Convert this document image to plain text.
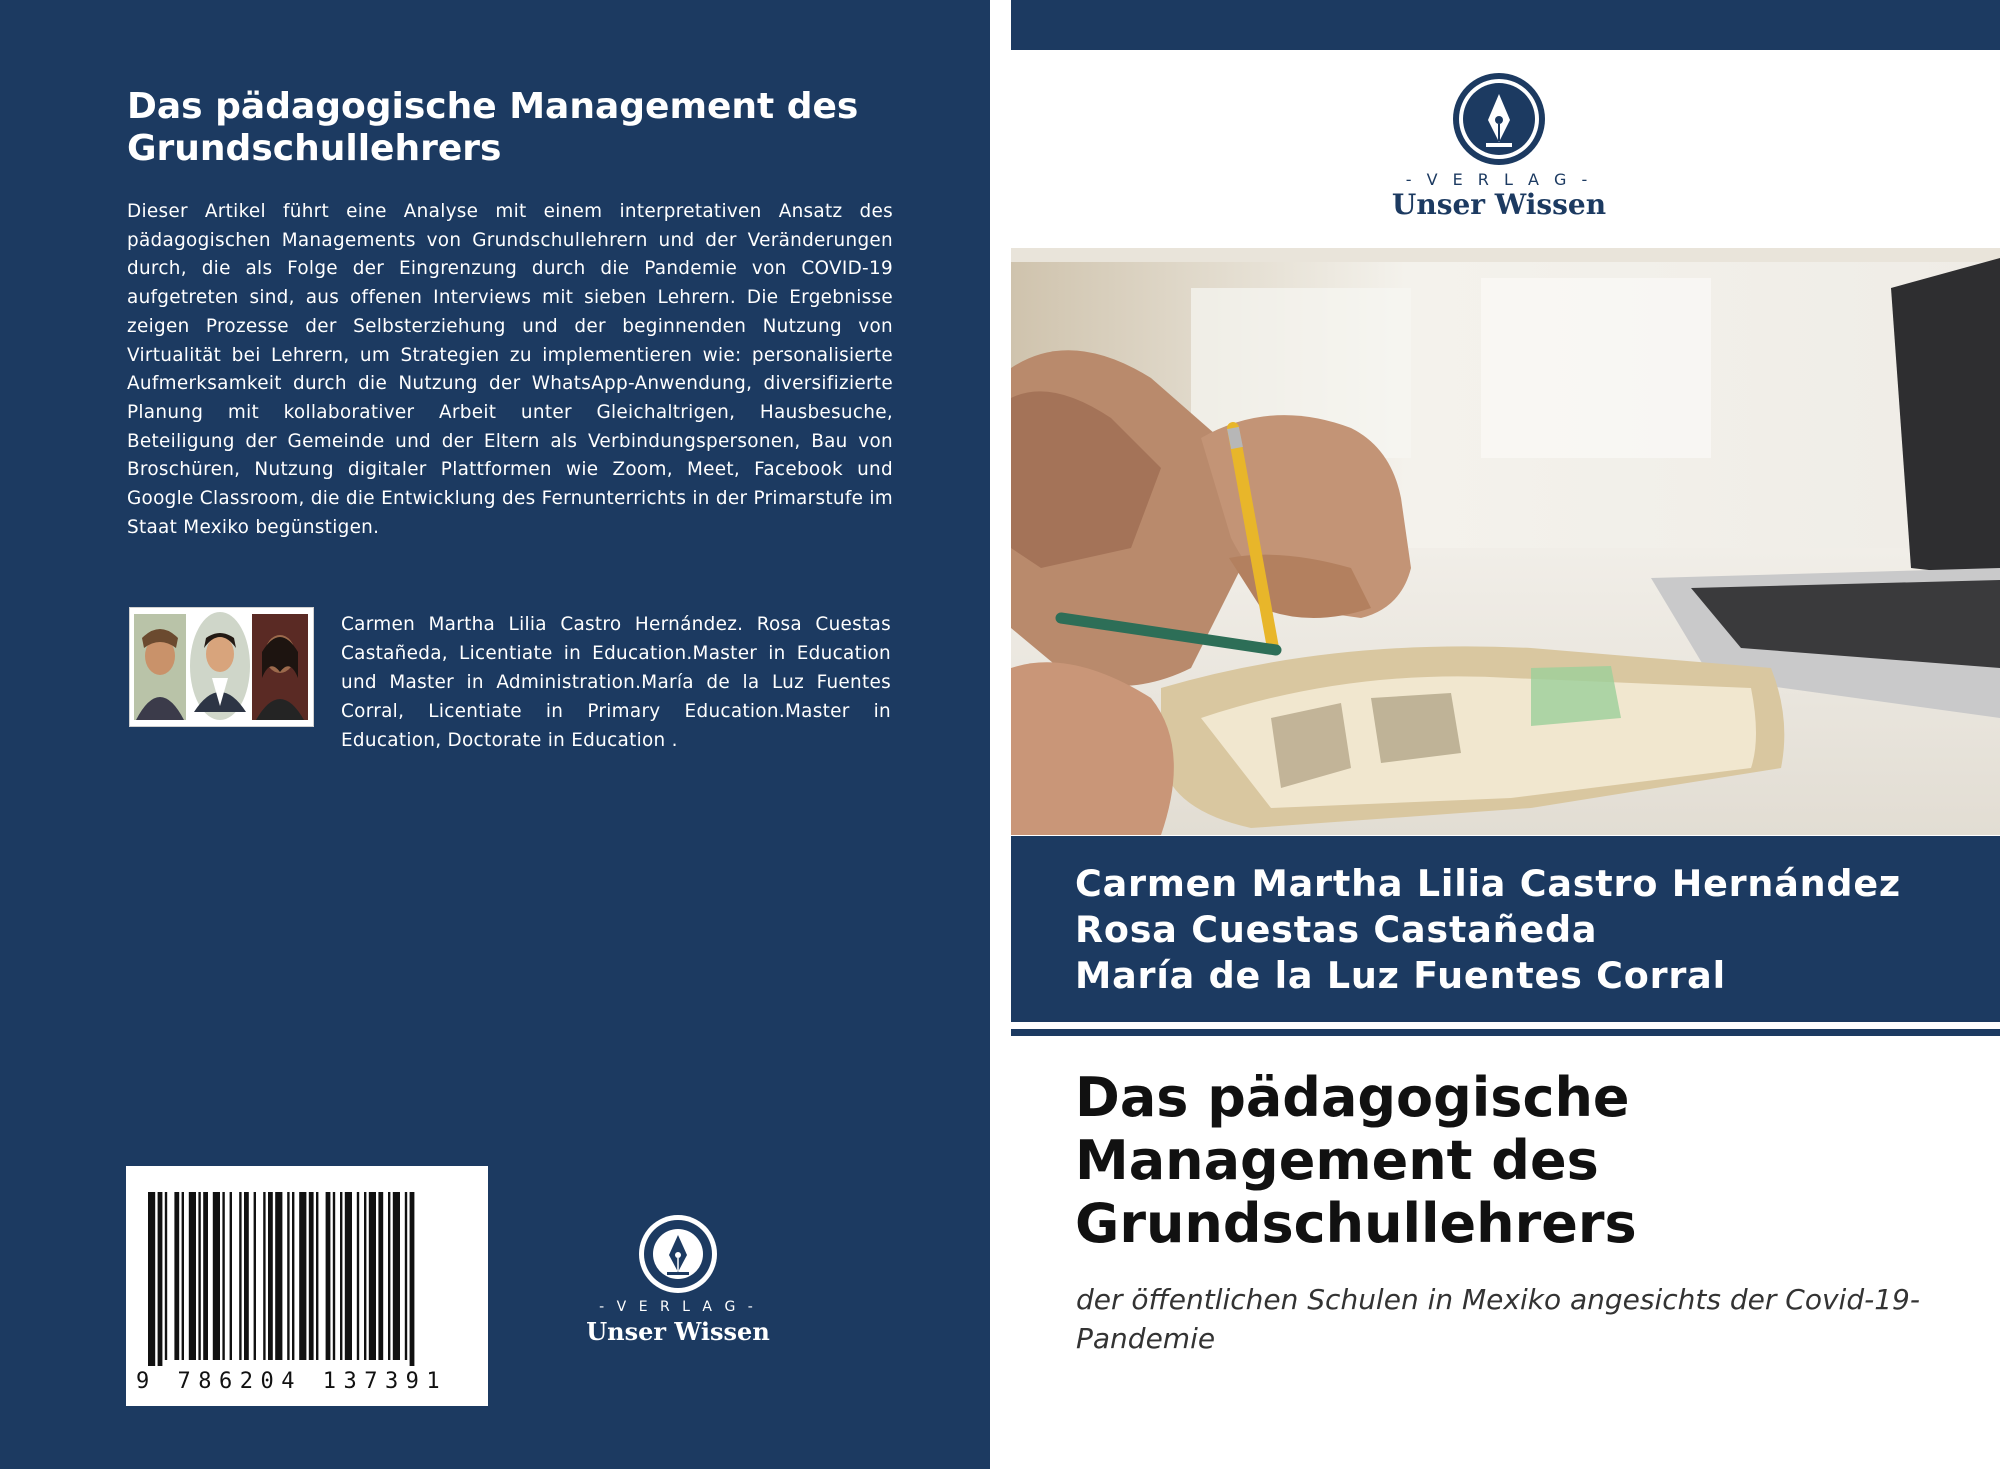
Das pädagogische Management des Grundschullehrers

Dieser Artikel führt eine Analyse mit einem interpretativen Ansatz des pädagogischen Managements von Grundschullehrern und der Veränderungen durch, die als Folge der Eingrenzung durch die Pandemie von COVID-19 aufgetreten sind, aus offenen Interviews mit sieben Lehrern. Die Ergebnisse zeigen Prozesse der Selbsterziehung und der beginnenden Nutzung von Virtualität bei Lehrern, um Strategien zu implementieren wie: personalisierte Aufmerksamkeit durch die Nutzung der WhatsApp-Anwendung, diversifizierte Planung mit kollaborativer Arbeit unter Gleichaltrigen, Hausbesuche, Beteiligung der Gemeinde und der Eltern als Verbindungspersonen, Bau von Broschüren, Nutzung digitaler Plattformen wie Zoom, Meet, Facebook und Google Classroom, die die Entwicklung des Fernunterrichts in der Primarstufe im Staat Mexiko begünstigen.

Carmen Martha Lilia Castro Hernández. Rosa Cuestas Castañeda, Licentiate in Education.Master in Education und Master in Administration.María de la Luz Fuentes Corral, Licentiate in Primary Education.Master in Education, Doctorate in Education .

9 786204 137391
- V E R L A G -
Unser Wissen
- V E R L A G -
Unser Wissen
Carmen Martha Lilia Castro Hernández
Rosa Cuestas Castañeda
María de la Luz Fuentes Corral
Das pädagogische Management des Grundschullehrers

der öffentlichen Schulen in Mexiko angesichts der Covid-19-Pandemie
